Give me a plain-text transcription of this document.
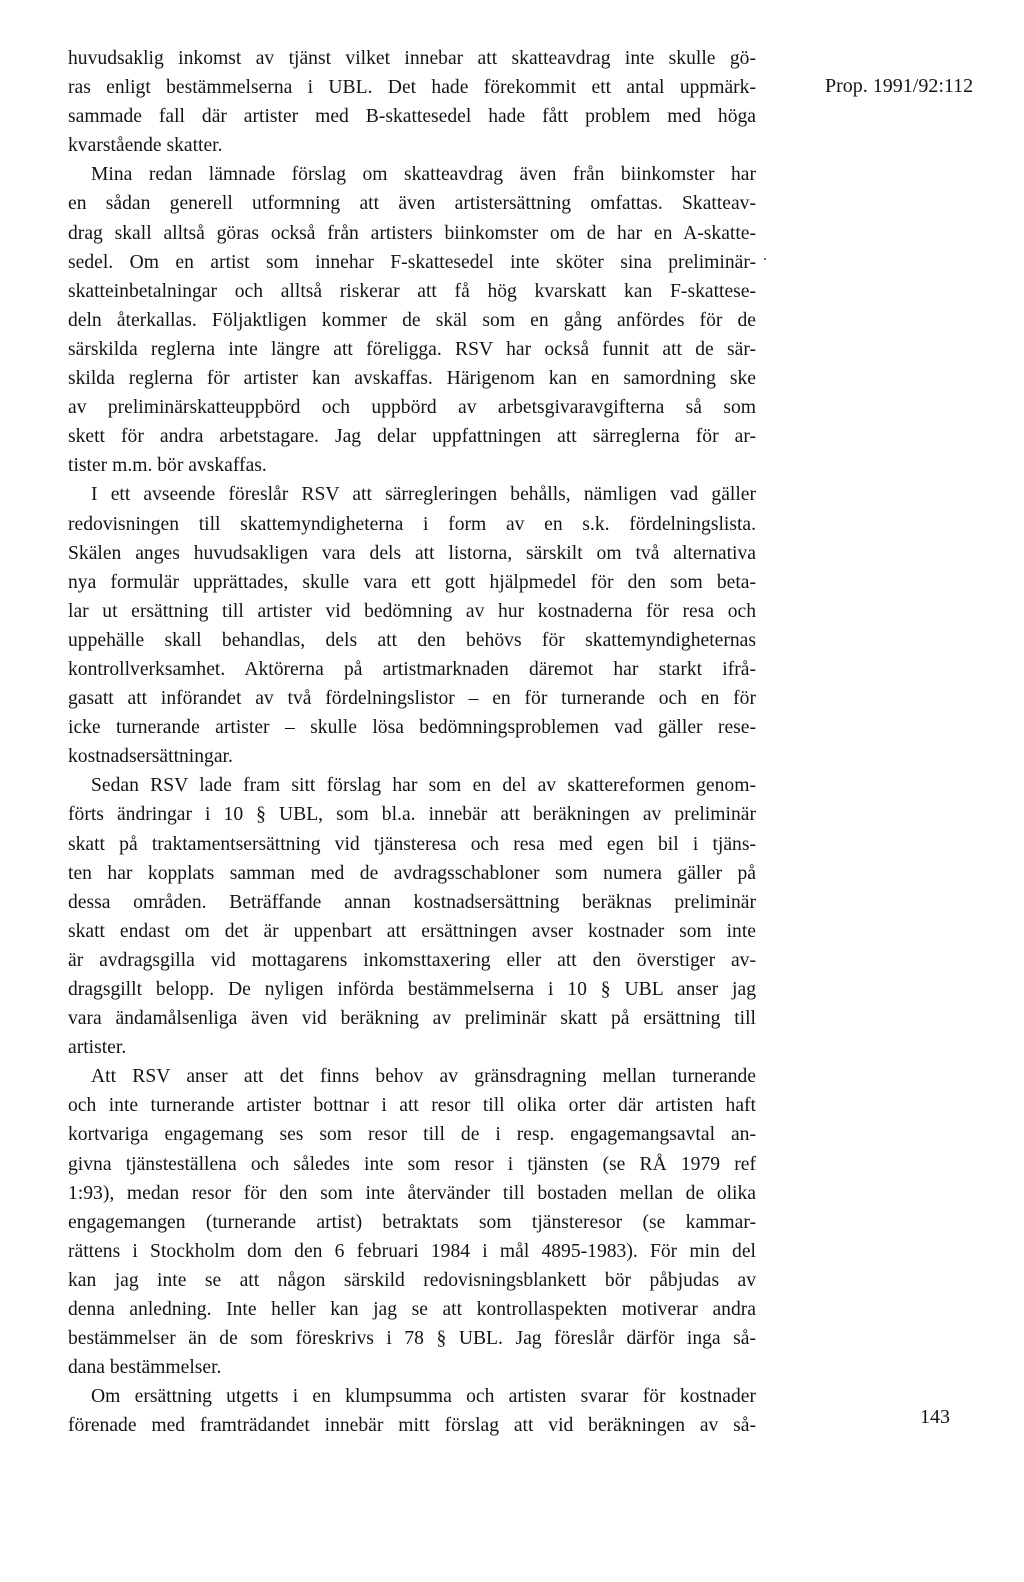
huvudsaklig inkomst av tjänst vilket innebar att skatteavdrag inte skulle gö-
ras enligt bestämmelserna i UBL. Det hade förekommit ett antal uppmärk-
sammade fall där artister med B-skattesedel hade fått problem med höga
kvarstående skatter.
Mina redan lämnade förslag om skatteavdrag även från biinkomster har
en sådan generell utformning att även artistersättning omfattas. Skatteav-
drag skall alltså göras också från artisters biinkomster om de har en A-skatte-
sedel. Om en artist som innehar F-skattesedel inte sköter sina preliminär-
skatteinbetalningar och alltså riskerar att få hög kvarskatt kan F-skattese-
deln återkallas. Följaktligen kommer de skäl som en gång anfördes för de
särskilda reglerna inte längre att föreligga. RSV har också funnit att de sär-
skilda reglerna för artister kan avskaffas. Härigenom kan en samordning ske
av preliminärskatteuppbörd och uppbörd av arbetsgivaravgifterna så som
skett för andra arbetstagare. Jag delar uppfattningen att särreglerna för ar-
tister m.m. bör avskaffas.
I ett avseende föreslår RSV att särregleringen behålls, nämligen vad gäller
redovisningen till skattemyndigheterna i form av en s.k. fördelningslista.
Skälen anges huvudsakligen vara dels att listorna, särskilt om två alternativa
nya formulär upprättades, skulle vara ett gott hjälpmedel för den som beta-
lar ut ersättning till artister vid bedömning av hur kostnaderna för resa och
uppehälle skall behandlas, dels att den behövs för skattemyndigheternas
kontrollverksamhet. Aktörerna på artistmarknaden däremot har starkt ifrå-
gasatt att införandet av två fördelningslistor – en för turnerande och en för
icke turnerande artister – skulle lösa bedömningsproblemen vad gäller rese-
kostnadsersättningar.
Sedan RSV lade fram sitt förslag har som en del av skattereformen genom-
förts ändringar i 10 § UBL, som bl.a. innebär att beräkningen av preliminär
skatt på traktamentsersättning vid tjänsteresa och resa med egen bil i tjäns-
ten har kopplats samman med de avdragsschabloner som numera gäller på
dessa områden. Beträffande annan kostnadsersättning beräknas preliminär
skatt endast om det är uppenbart att ersättningen avser kostnader som inte
är avdragsgilla vid mottagarens inkomsttaxering eller att den överstiger av-
dragsgillt belopp. De nyligen införda bestämmelserna i 10 § UBL anser jag
vara ändamålsenliga även vid beräkning av preliminär skatt på ersättning till
artister.
Att RSV anser att det finns behov av gränsdragning mellan turnerande
och inte turnerande artister bottnar i att resor till olika orter där artisten haft
kortvariga engagemang ses som resor till de i resp. engagemangsavtal an-
givna tjänsteställena och således inte som resor i tjänsten (se RÅ 1979 ref
1:93), medan resor för den som inte återvänder till bostaden mellan de olika
engagemangen (turnerande artist) betraktats som tjänsteresor (se kammar-
rättens i Stockholm dom den 6 februari 1984 i mål 4895-1983). För min del
kan jag inte se att någon särskild redovisningsblankett bör påbjudas av
denna anledning. Inte heller kan jag se att kontrollaspekten motiverar andra
bestämmelser än de som föreskrivs i 78 § UBL. Jag föreslår därför inga så-
dana bestämmelser.
Om ersättning utgetts i en klumpsumma och artisten svarar för kostnader
förenade med framträdandet innebär mitt förslag att vid beräkningen av så-
Prop. 1991/92:112
143
